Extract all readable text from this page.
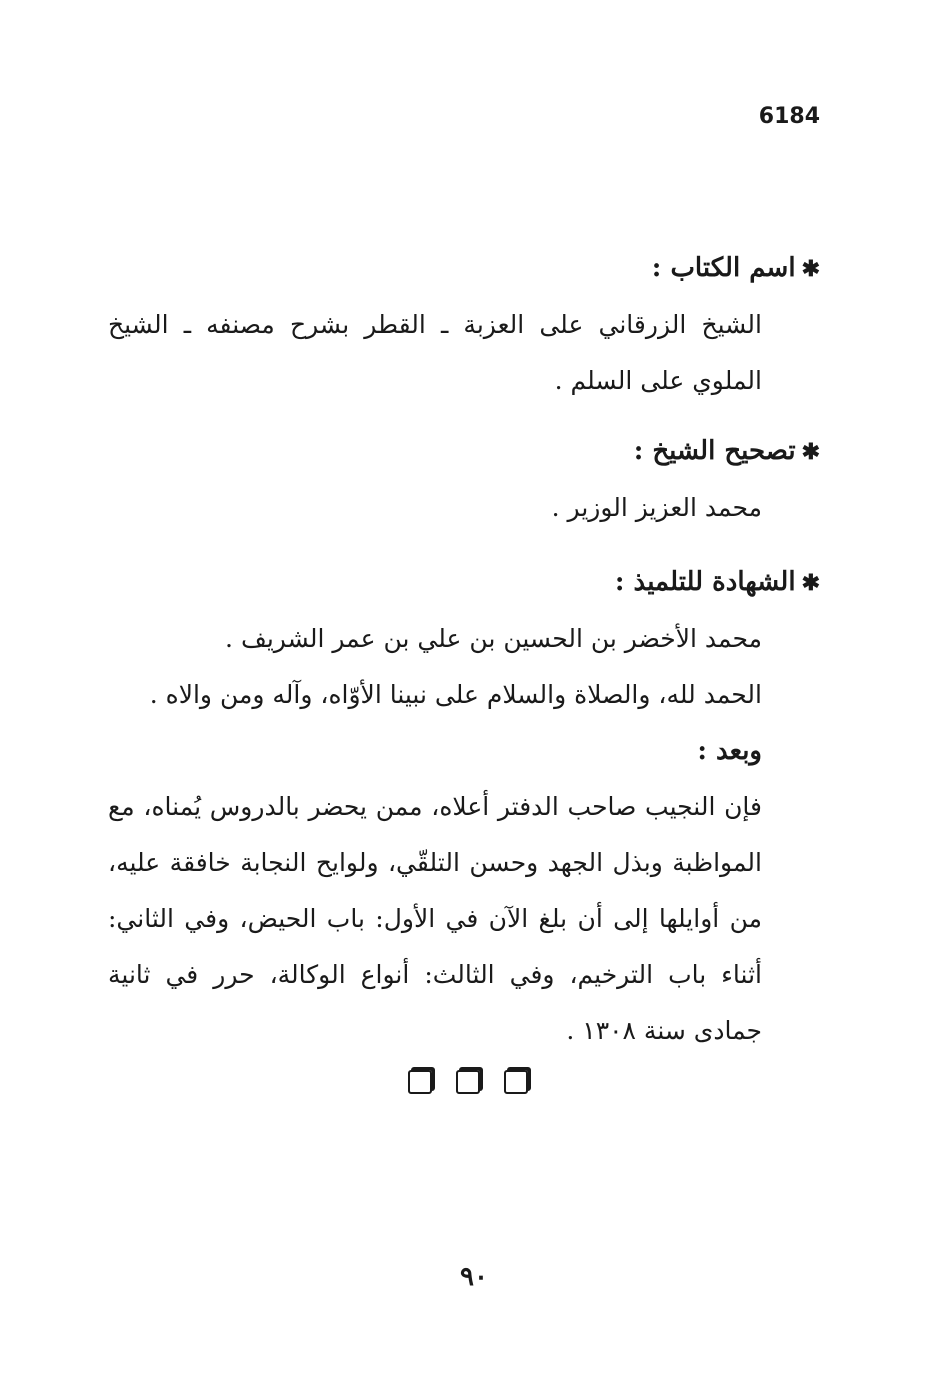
6184

✱اسم الكتاب :

الشيخ الزرقاني على العزبة ـ القطر بشرح مصنفه ـ الشيخ الملوي على السلم .

✱تصحيح الشيخ :

محمد العزيز الوزير .

✱الشهادة للتلميذ :

محمد الأخضر بن الحسين بن علي بن عمر الشريف .

الحمد لله، والصلاة والسلام على نبينا الأوّاه، وآله ومن والاه .

وبعد :

فإن النجيب صاحب الدفتر أعلاه، ممن يحضر بالدروس يُمناه، مع المواظبة وبذل الجهد وحسن التلقّي، ولوايح النجابة خافقة عليه، من أوايلها إلى أن بلغ الآن في الأول: باب الحيض، وفي الثاني: أثناء باب الترخيم، وفي الثالث: أنواع الوكالة، حرر في ثانية جمادى سنة ١٣٠٨ .

٩٠
